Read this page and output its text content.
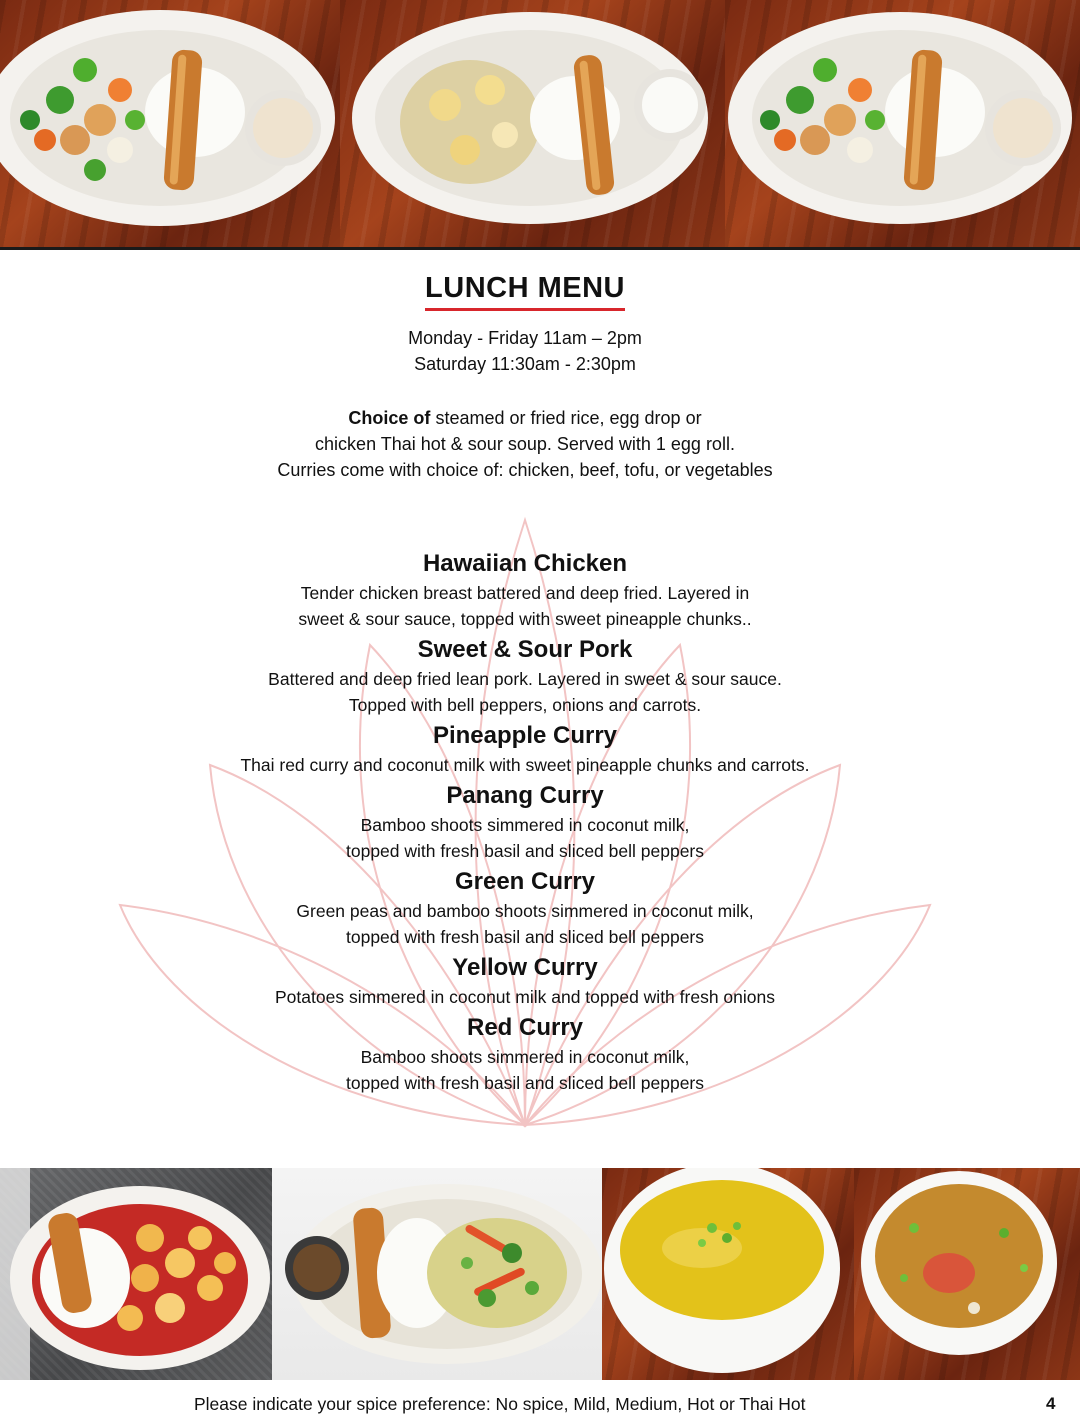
LUNCH MENU
Monday - Friday 11am – 2pm
Saturday 11:30am - 2:30pm
Choice of steamed or fried rice, egg drop or
chicken Thai hot & sour soup. Served with 1 egg roll.
Curries come with choice of: chicken, beef, tofu, or vegetables

Hawaiian Chicken

Tender chicken breast battered and deep fried. Layered in

sweet & sour sauce, topped with sweet pineapple chunks..

Sweet & Sour Pork

Battered and deep fried lean pork. Layered in sweet & sour sauce.

Topped with bell peppers, onions and carrots.

Pineapple Curry

Thai red curry and coconut milk with sweet pineapple chunks and carrots.

Panang Curry

Bamboo shoots simmered in coconut milk,

topped with fresh basil and sliced bell peppers

Green Curry

Green peas and bamboo shoots simmered in coconut milk,

topped with fresh basil and sliced bell peppers

Yellow Curry

Potatoes simmered in coconut milk and topped with fresh onions

Red Curry

Bamboo shoots simmered in coconut milk,

topped with fresh basil and sliced bell peppers

Please indicate your spice preference: No spice, Mild, Medium, Hot or Thai Hot	4
